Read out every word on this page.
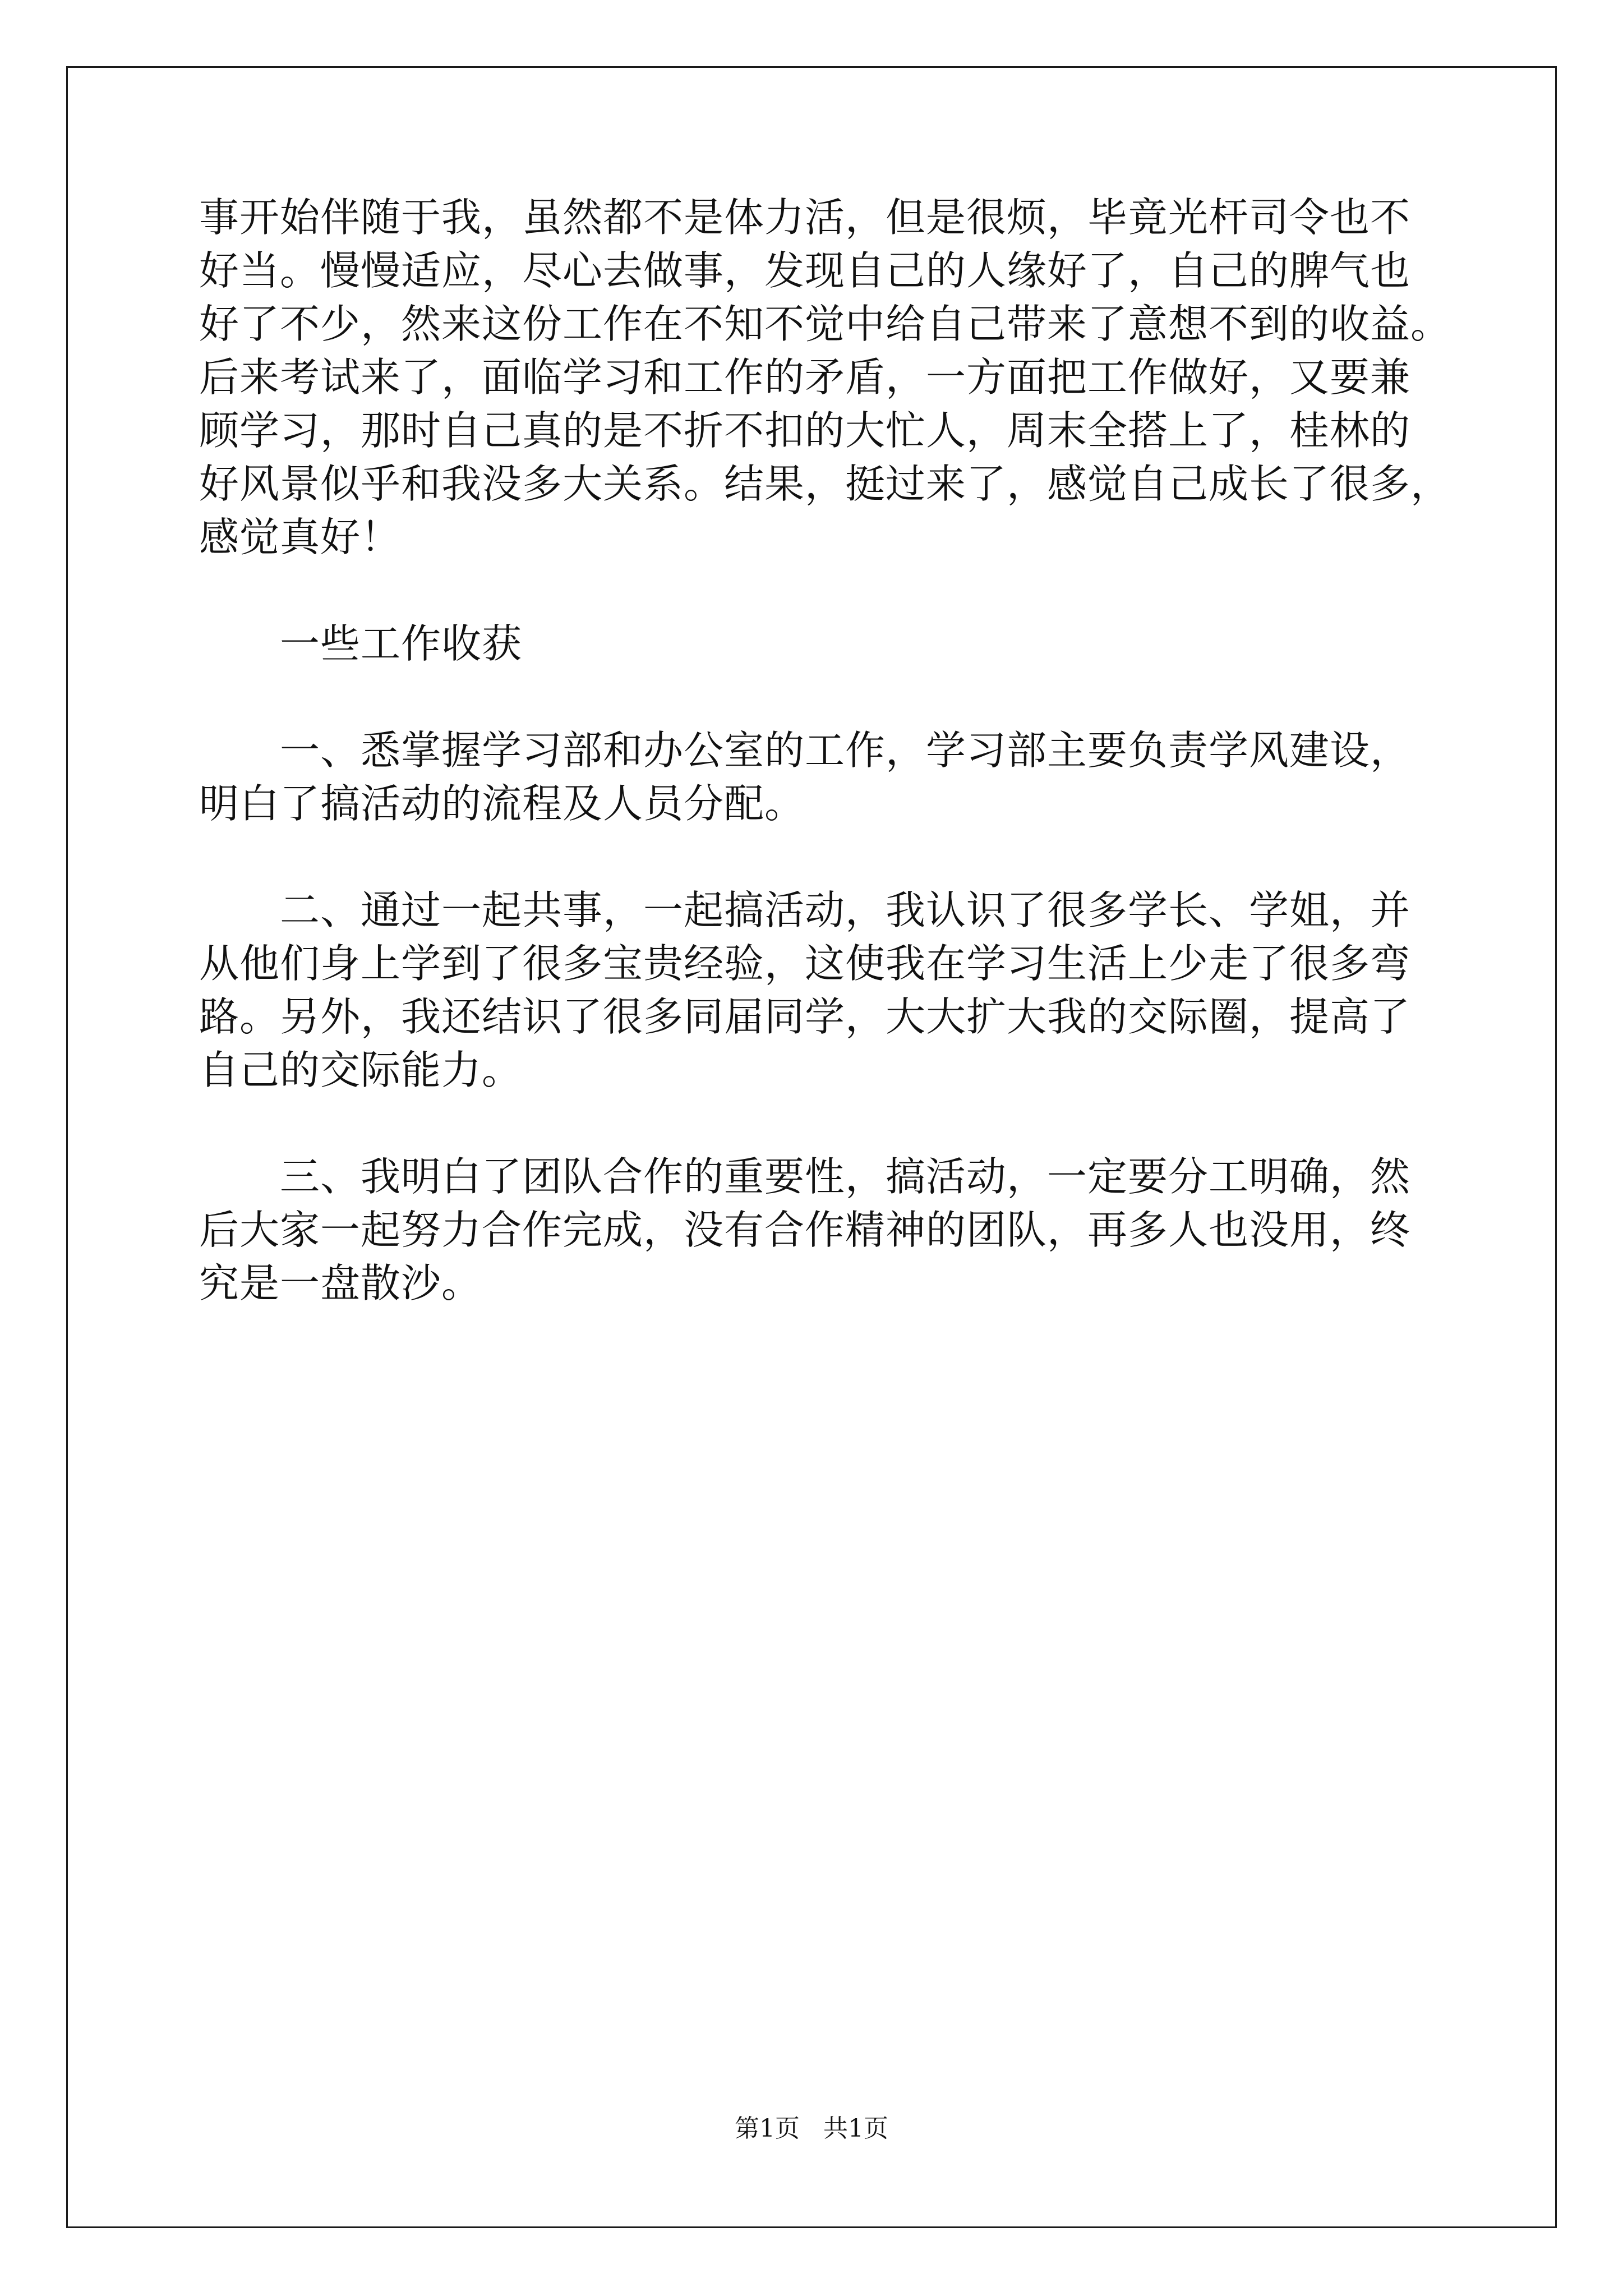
事开始伴随于我，虽然都不是体力活，但是很烦，毕竟光杆司令也不
好当。慢慢适应，尽心去做事，发现自己的人缘好了，自己的脾气也
好了不少，然来这份工作在不知不觉中给自己带来了意想不到的收益。
后来考试来了，面临学习和工作的矛盾，一方面把工作做好，又要兼
顾学习，那时自己真的是不折不扣的大忙人，周末全搭上了，桂林的
好风景似乎和我没多大关系。结果，挺过来了，感觉自己成长了很多，
感觉真好！
　　一些工作收获
　　一、悉掌握学习部和办公室的工作，学习部主要负责学风建设，
明白了搞活动的流程及人员分配。
　　二、通过一起共事，一起搞活动，我认识了很多学长、学姐，并
从他们身上学到了很多宝贵经验，这使我在学习生活上少走了很多弯
路。另外，我还结识了很多同届同学，大大扩大我的交际圈，提高了
自己的交际能力。
　　三、我明白了团队合作的重要性，搞活动，一定要分工明确，然
后大家一起努力合作完成，没有合作精神的团队，再多人也没用，终
究是一盘散沙。
第1页 共1页
